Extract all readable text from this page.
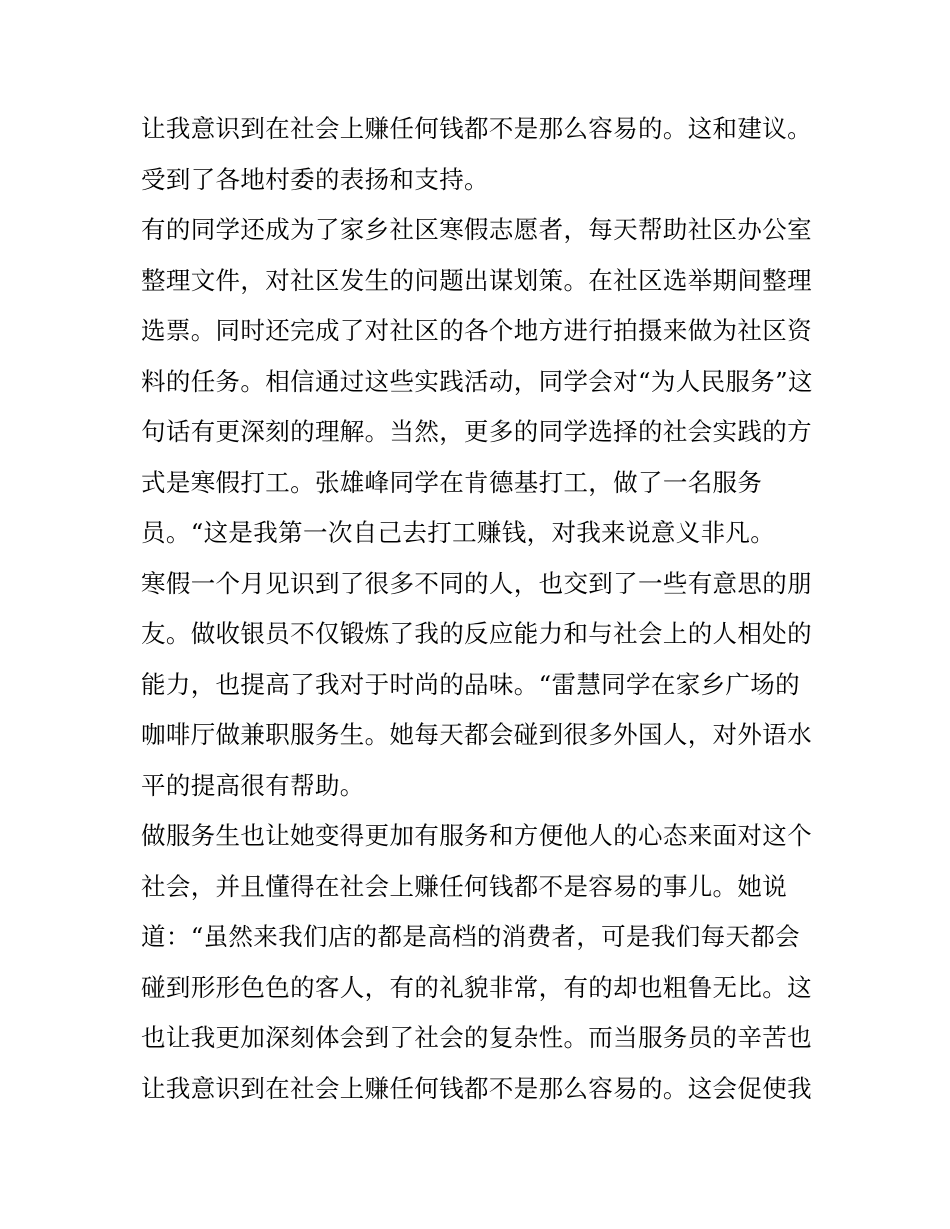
让我意识到在社会上赚任何钱都不是那么容易的。这和建议。
受到了各地村委的表扬和支持。
有的同学还成为了家乡社区寒假志愿者，每天帮助社区办公室
整理文件，对社区发生的问题出谋划策。在社区选举期间整理
选票。同时还完成了对社区的各个地方进行拍摄来做为社区资
料的任务。相信通过这些实践活动，同学会对“为人民服务”这
句话有更深刻的理解。当然，更多的同学选择的社会实践的方
式是寒假打工。张雄峰同学在肯德基打工，做了一名服务
员。“这是我第一次自己去打工赚钱，对我来说意义非凡。
寒假一个月见识到了很多不同的人，也交到了一些有意思的朋
友。做收银员不仅锻炼了我的反应能力和与社会上的人相处的
能力，也提高了我对于时尚的品味。“雷慧同学在家乡广场的
咖啡厅做兼职服务生。她每天都会碰到很多外国人，对外语水
平的提高很有帮助。
做服务生也让她变得更加有服务和方便他人的心态来面对这个
社会，并且懂得在社会上赚任何钱都不是容易的事儿。她说
道：“虽然来我们店的都是高档的消费者，可是我们每天都会
碰到形形色色的客人，有的礼貌非常，有的却也粗鲁无比。这
也让我更加深刻体会到了社会的复杂性。而当服务员的辛苦也
让我意识到在社会上赚任何钱都不是那么容易的。这会促使我
